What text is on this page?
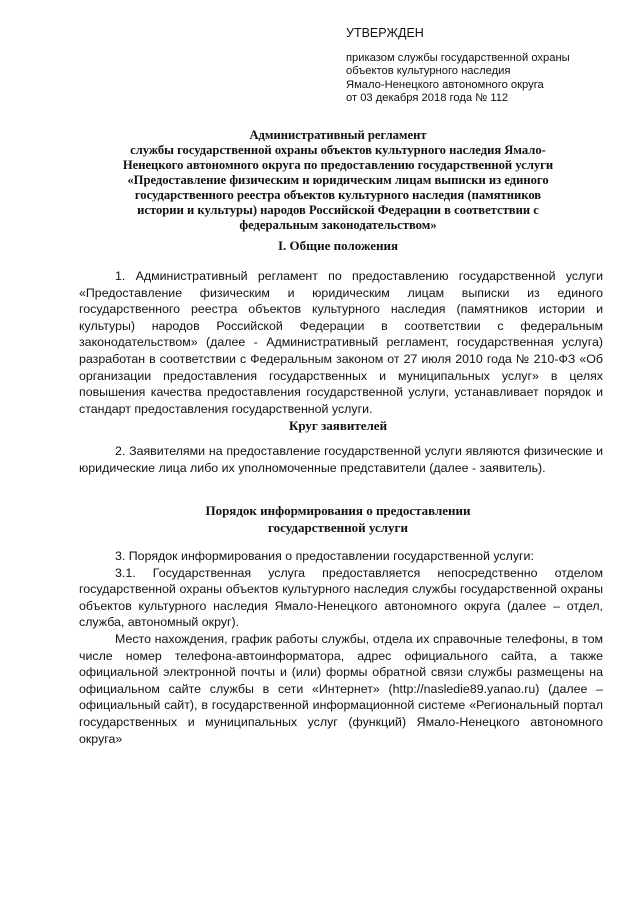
УТВЕРЖДЕН
приказом службы государственной охраны
объектов культурного наследия
Ямало-Ненецкого автономного округа
от 03 декабря 2018 года № 112
Административный регламент
службы государственной охраны объектов культурного наследия Ямало-
Ненецкого автономного округа по предоставлению государственной услуги
«Предоставление физическим и юридическим лицам выписки из единого
государственного реестра объектов культурного наследия (памятников
истории и культуры) народов Российской Федерации в соответствии с
федеральным законодательством»
I. Общие положения

1. Административный регламент по предоставлению государственной услуги «Предоставление физическим и юридическим лицам выписки из единого государственного реестра объектов культурного наследия (памятников истории и культуры) народов Российской Федерации в соответствии с федеральным законодательством» (далее - Административный регламент, государственная услуга) разработан в соответствии с Федеральным законом от 27 июля 2010 года № 210-ФЗ «Об организации предоставления государственных и муниципальных услуг» в целях повышения качества предоставления государственной услуги, устанавливает порядок и стандарт предоставления государственной услуги.

Круг заявителей

2. Заявителями на предоставление государственной услуги являются физические и юридические лица либо их уполномоченные представители (далее - заявитель).

Порядок информирования о предоставлении
государственной услуги

3. Порядок информирования о предоставлении государственной услуги:

3.1. Государственная услуга предоставляется непосредственно отделом государственной охраны объектов культурного наследия службы государственной охраны объектов культурного наследия Ямало-Ненецкого автономного округа (далее – отдел, служба, автономный округ).

Место нахождения, график работы службы, отдела их справочные телефоны, в том числе номер телефона-автоинформатора, адрес официального сайта, а также официальной электронной почты и (или) формы обратной связи службы размещены на официальном сайте службы в сети «Интернет» (http://nasledie89.yanao.ru) (далее – официальный сайт), в государственной информационной системе «Региональный портал государственных и муниципальных услуг (функций) Ямало-Ненецкого автономного округа»
